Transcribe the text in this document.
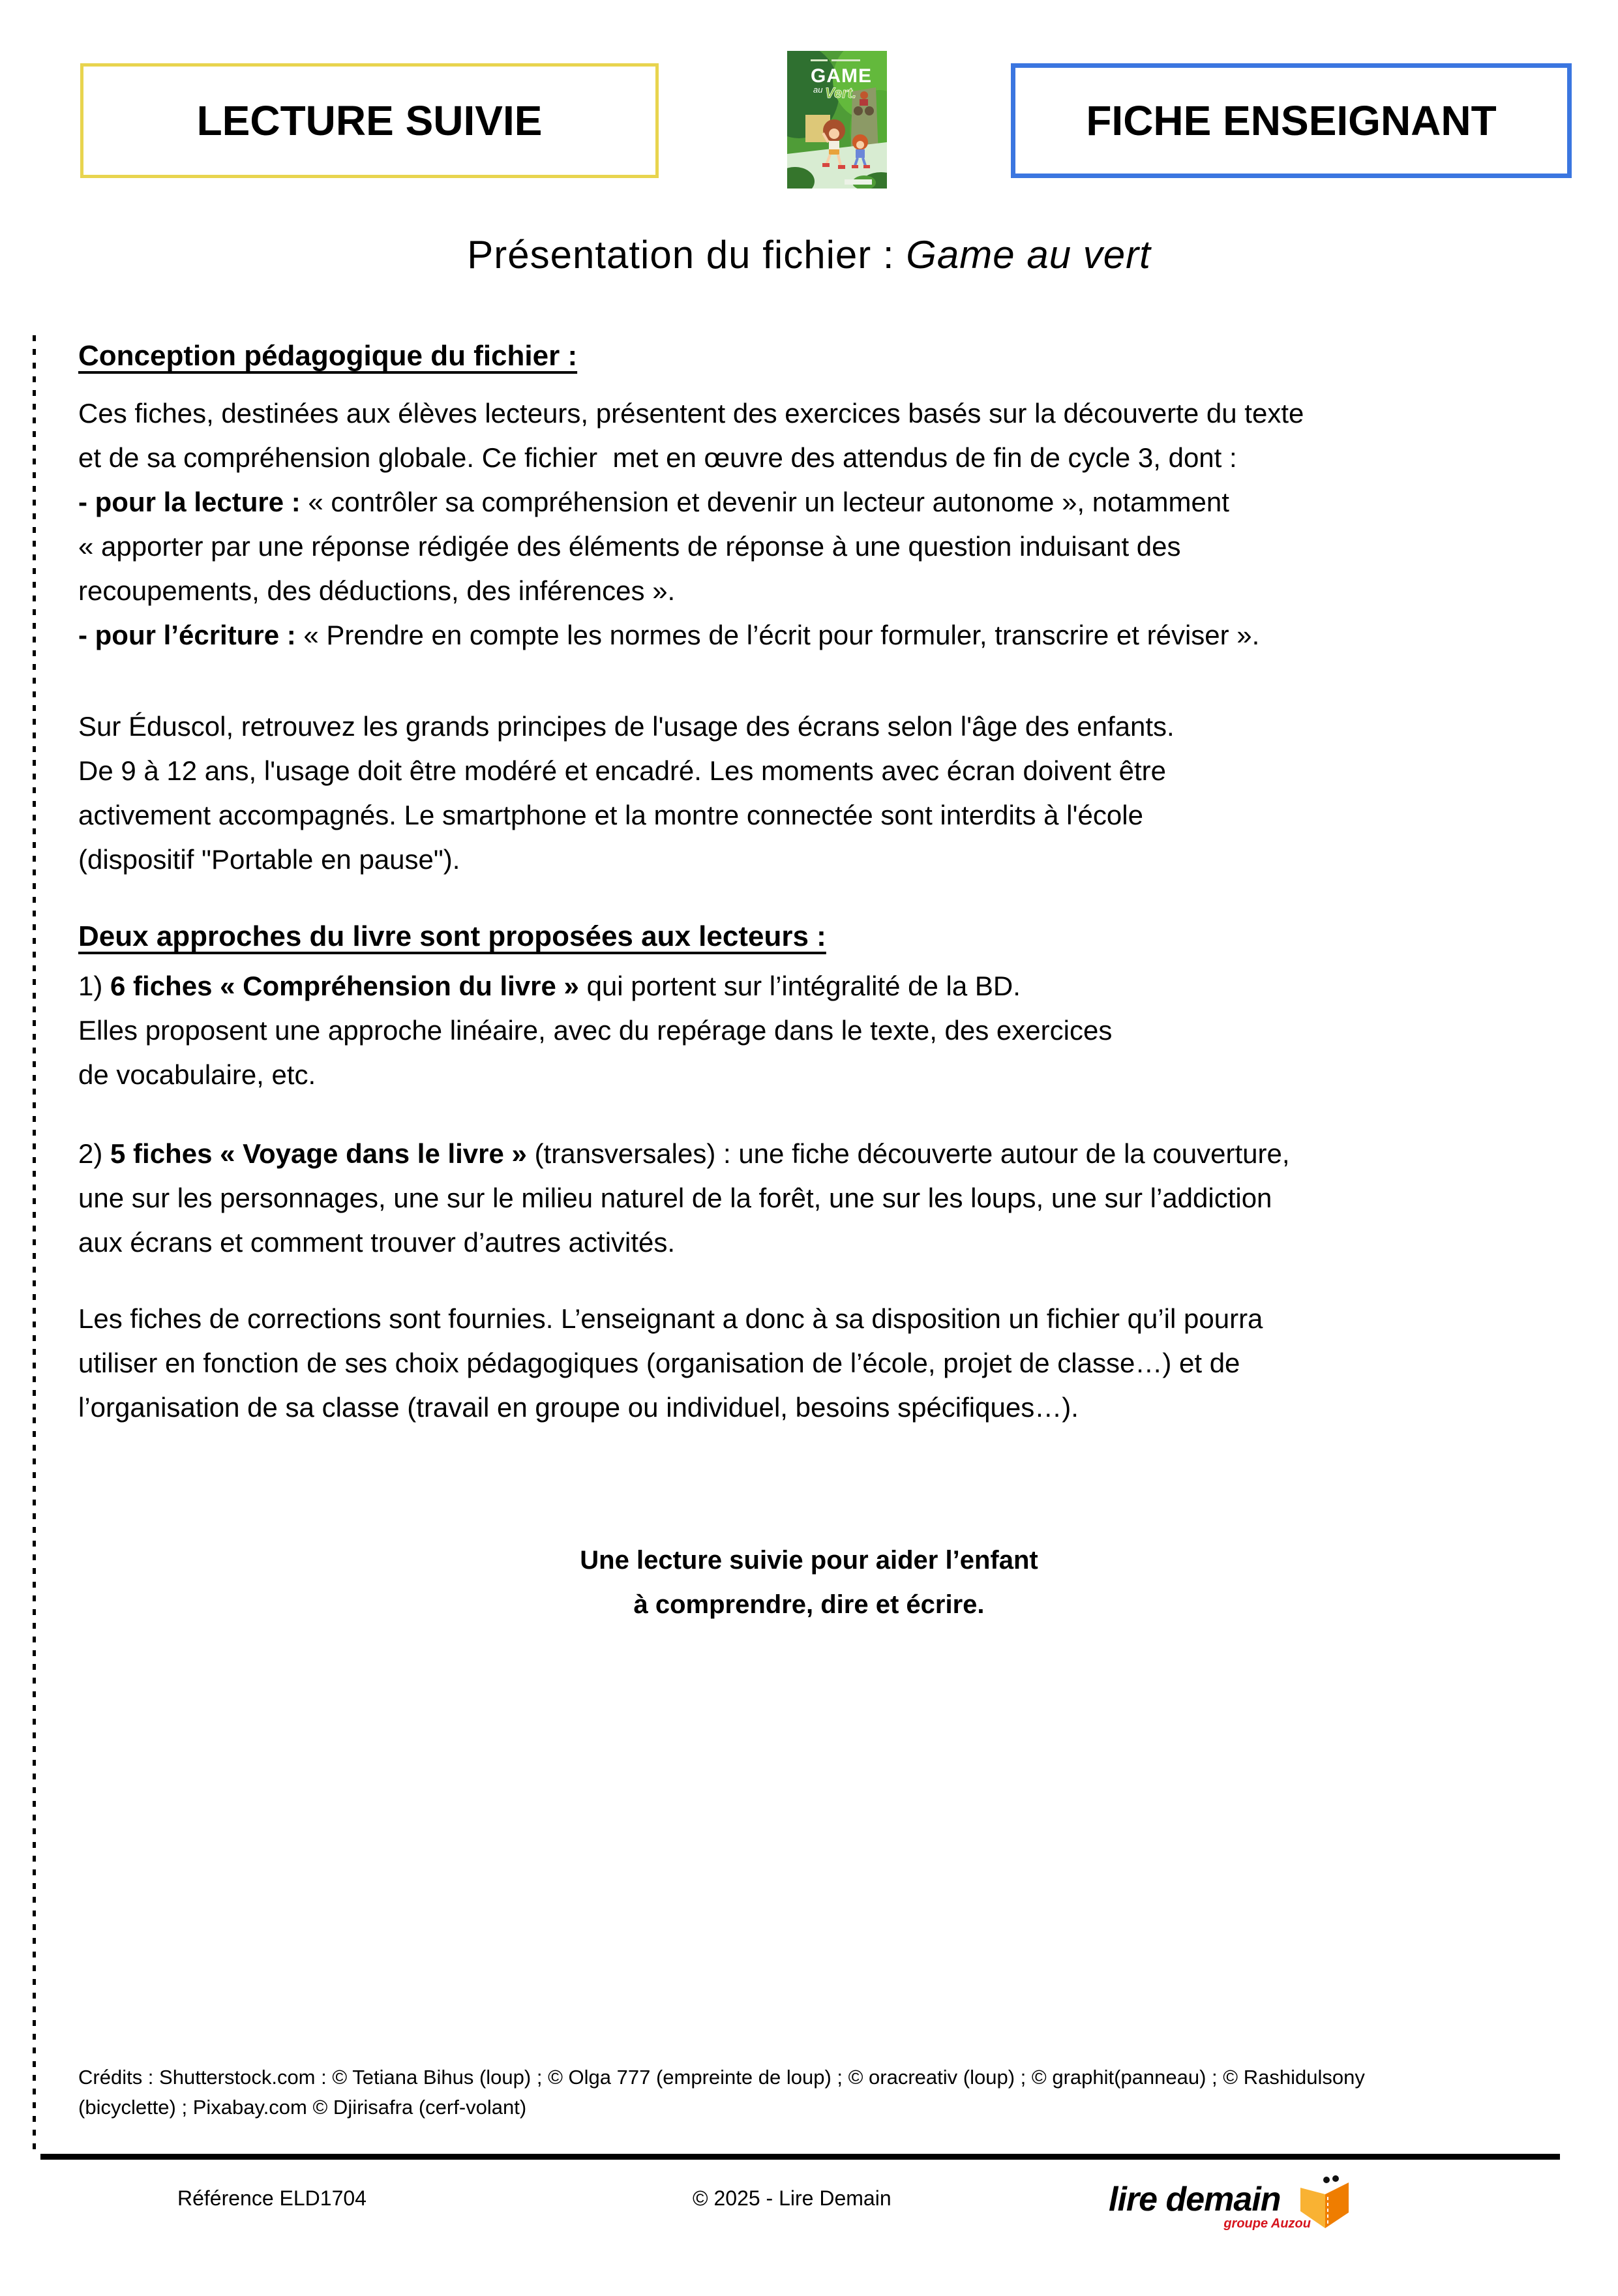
LECTURE SUIVIE
GAME
au Vert.
FICHE ENSEIGNANT
Présentation du fichier : Game au vert
Conception pédagogique du fichier :
Ces fiches, destinées aux élèves lecteurs, présentent des exercices basés sur la découverte du texte
et de sa compréhension globale. Ce fichier  met en œuvre des attendus de fin de cycle 3, dont :
- pour la lecture : « contrôler sa compréhension et devenir un lecteur autonome », notamment
« apporter par une réponse rédigée des éléments de réponse à une question induisant des
recoupements, des déductions, des inférences ».
- pour l’écriture : « Prendre en compte les normes de l’écrit pour formuler, transcrire et réviser ».
Sur Éduscol, retrouvez les grands principes de l'usage des écrans selon l'âge des enfants.
De 9 à 12 ans, l'usage doit être modéré et encadré. Les moments avec écran doivent être
activement accompagnés. Le smartphone et la montre connectée sont interdits à l'école
(dispositif "Portable en pause").
Deux approches du livre sont proposées aux lecteurs :
1) 6 fiches « Compréhension du livre » qui portent sur l’intégralité de la BD.
Elles proposent une approche linéaire, avec du repérage dans le texte, des exercices
de vocabulaire, etc.
2) 5 fiches « Voyage dans le livre » (transversales) : une fiche découverte autour de la couverture,
une sur les personnages, une sur le milieu naturel de la forêt, une sur les loups, une sur l’addiction
aux écrans et comment trouver d’autres activités.
Les fiches de corrections sont fournies. L’enseignant a donc à sa disposition un fichier qu’il pourra
utiliser en fonction de ses choix pédagogiques (organisation de l’école, projet de classe…) et de
l’organisation de sa classe (travail en groupe ou individuel, besoins spécifiques…).
Une lecture suivie pour aider l’enfant
à comprendre, dire et écrire.
Crédits : Shutterstock.com : © Tetiana Bihus (loup) ; © Olga 777 (empreinte de loup) ; © oracreativ (loup) ; © graphit(panneau) ; © Rashidulsony
(bicyclette) ; Pixabay.com © Djirisafra (cerf-volant)
Référence ELD1704	© 2025 - Lire Demain	lire demain
groupe Auzou
